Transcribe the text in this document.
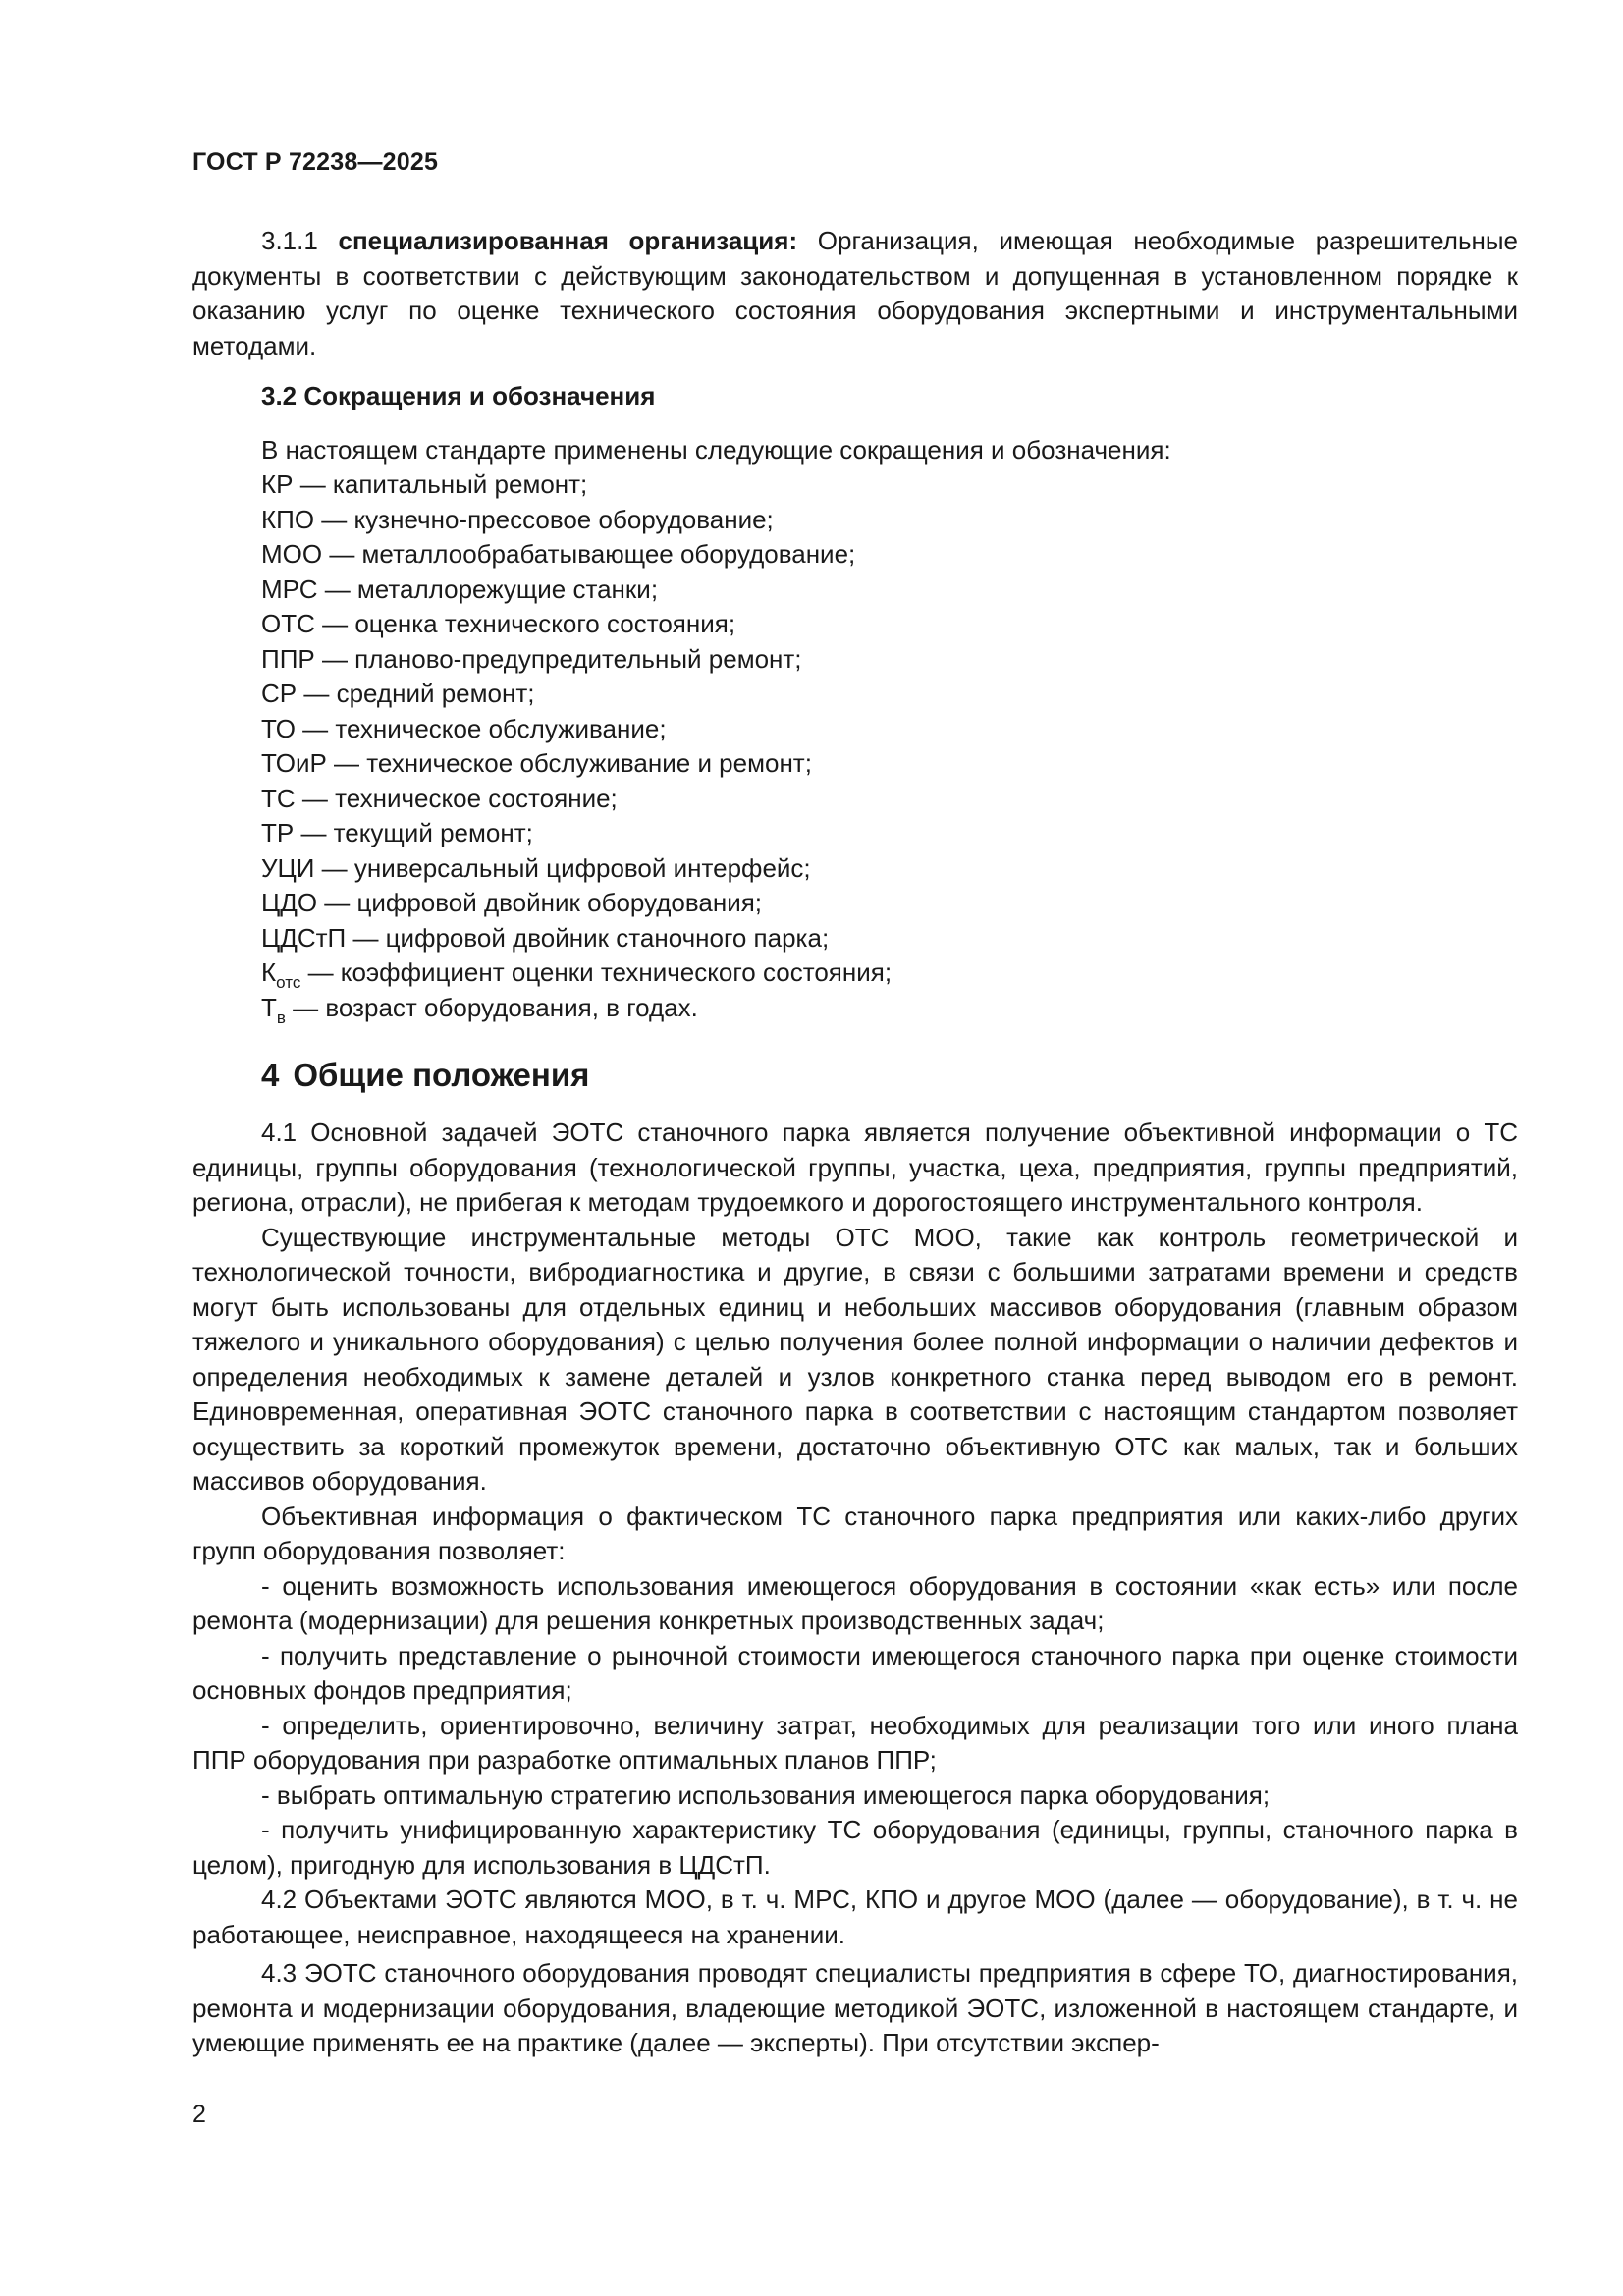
ГОСТ Р 72238—2025

3.1.1 специализированная организация: Организация, имеющая необходимые разрешительные документы в соответствии с действующим законодательством и допущенная в установленном порядке к оказанию услуг по оценке технического состояния оборудования экспертными и инструментальными методами.

3.2 Сокращения и обозначения
В настоящем стандарте применены следующие сокращения и обозначения:
КР — капитальный ремонт;
КПО — кузнечно-прессовое оборудование;
МОО — металлообрабатывающее оборудование;
МРС — металлорежущие станки;
ОТС — оценка технического состояния;
ППР — планово-предупредительный ремонт;
СР — средний ремонт;
ТО — техническое обслуживание;
ТОиР — техническое обслуживание и ремонт;
ТС — техническое состояние;
ТР — текущий ремонт;
УЦИ — универсальный цифровой интерфейс;
ЦДО — цифровой двойник оборудования;
ЦДСтП — цифровой двойник станочного парка;
$К_{отс}$ — коэффициент оценки технического состояния;
$Т_в$ — возраст оборудования, в годах.
4 Общие положения

4.1 Основной задачей ЭОТС станочного парка является получение объективной информации о ТС единицы, группы оборудования (технологической группы, участка, цеха, предприятия, группы предприятий, региона, отрасли), не прибегая к методам трудоемкого и дорогостоящего инструментального контроля.

Существующие инструментальные методы ОТС МОО, такие как контроль геометрической и технологической точности, вибродиагностика и другие, в связи с большими затратами времени и средств могут быть использованы для отдельных единиц и небольших массивов оборудования (главным образом тяжелого и уникального оборудования) с целью получения более полной информации о наличии дефектов и определения необходимых к замене деталей и узлов конкретного станка перед выводом его в ремонт. Единовременная, оперативная ЭОТС станочного парка в соответствии с настоящим стандартом позволяет осуществить за короткий промежуток времени, достаточно объективную ОТС как малых, так и больших массивов оборудования.

Объективная информация о фактическом ТС станочного парка предприятия или каких-либо других групп оборудования позволяет:

- оценить возможность использования имеющегося оборудования в состоянии «как есть» или после ремонта (модернизации) для решения конкретных производственных задач;

- получить представление о рыночной стоимости имеющегося станочного парка при оценке стоимости основных фондов предприятия;

- определить, ориентировочно, величину затрат, необходимых для реализации того или иного плана ППР оборудования при разработке оптимальных планов ППР;

- выбрать оптимальную стратегию использования имеющегося парка оборудования;

- получить унифицированную характеристику ТС оборудования (единицы, группы, станочного парка в целом), пригодную для использования в ЦДСтП.

4.2 Объектами ЭОТС являются МОО, в т. ч. МРС, КПО и другое МОО (далее — оборудование), в т. ч. не работающее, неисправное, находящееся на хранении.

4.3 ЭОТС станочного оборудования проводят специалисты предприятия в сфере ТО, диагностирования, ремонта и модернизации оборудования, владеющие методикой ЭОТС, изложенной в настоящем стандарте, и умеющие применять ее на практике (далее — эксперты). При отсутствии экспер-

2
